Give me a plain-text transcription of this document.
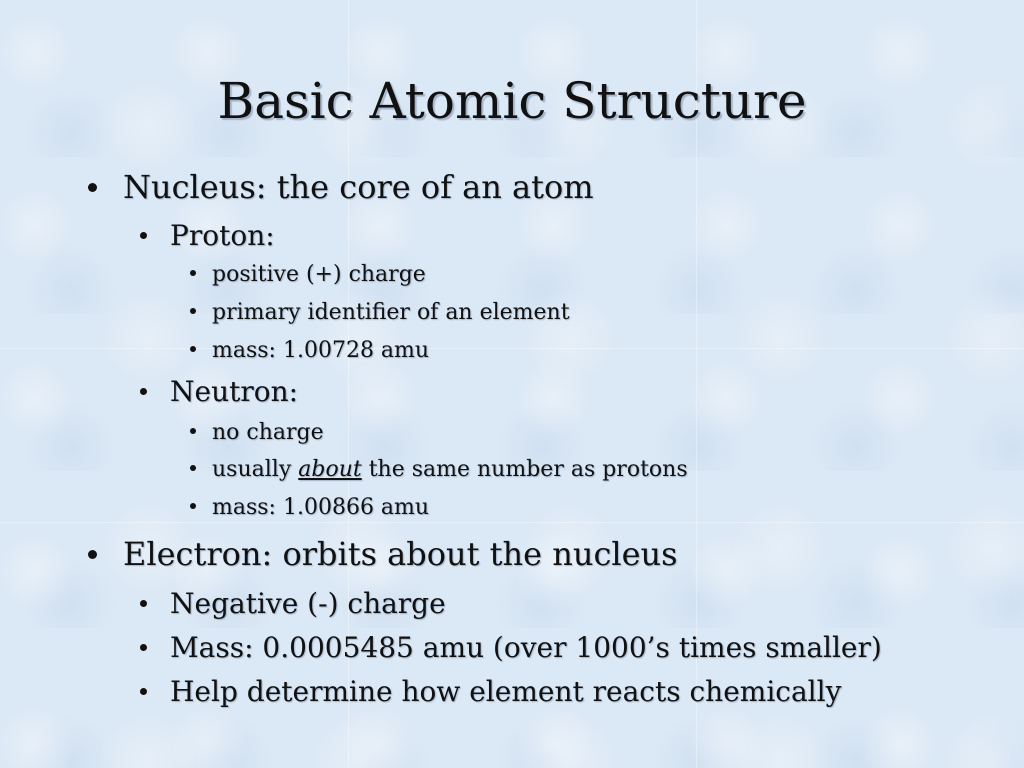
Basic Atomic Structure
Nucleus: the core of an atom
Proton:
positive (+) charge
primary identifier of an element
mass: 1.00728 amu
Neutron:
no charge
usually about the same number as protons
mass: 1.00866 amu
Electron: orbits about the nucleus
Negative (-) charge
Mass: 0.0005485 amu (over 1000’s times smaller)
Help determine how element reacts chemically
